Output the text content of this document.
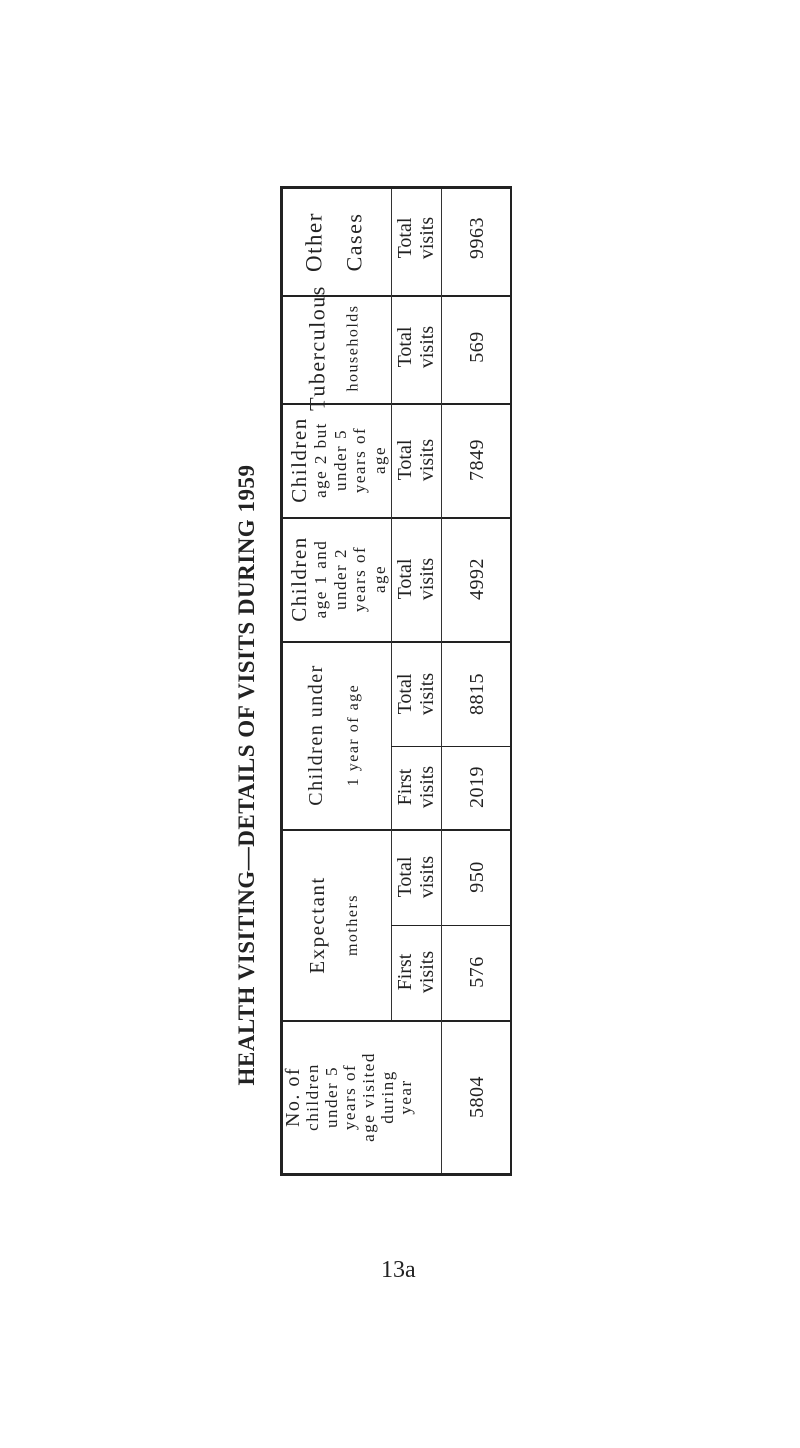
HEALTH VISITING—DETAILS OF VISITS DURING 1959
Other Cases Total visits 9963
Tuberculous households Total visits 569
Children age 2 but under 5 years of age Total visits 7849
Children age 1 and under 2 years of age Total visits 4992
Children under 1 year of age Total visits 8815
First visits 2019
Expectant mothers
Total visits 950
First visits 576
No. of children under 5 years of age visited during year	5804
13a
